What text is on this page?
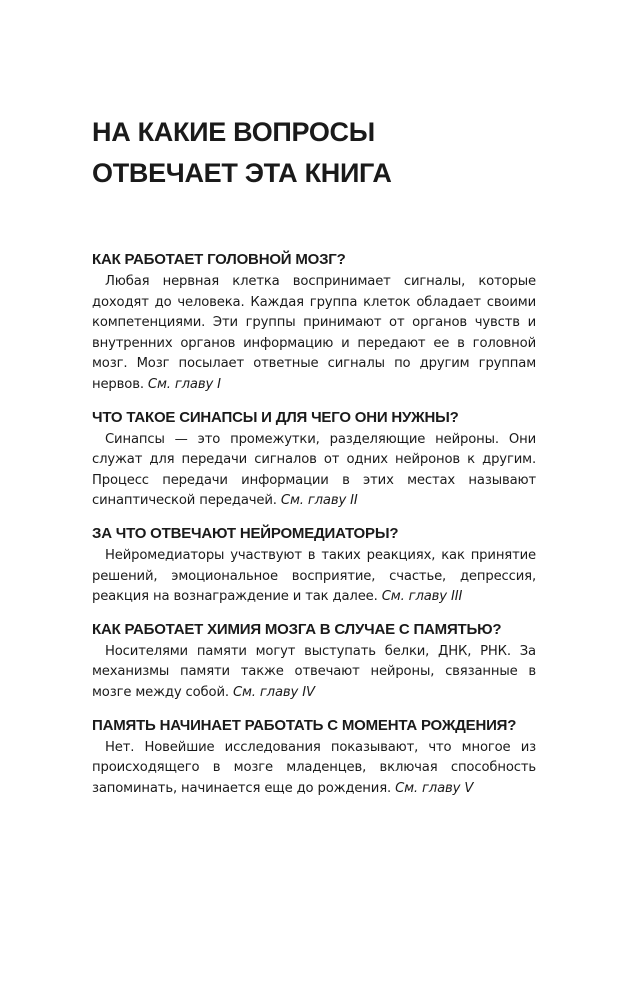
НА КАКИЕ ВОПРОСЫ
ОТВЕЧАЕТ ЭТА КНИГА
КАК РАБОТАЕТ ГОЛОВНОЙ МОЗГ?

Любая нервная клетка воспринимает сигналы, которые доходят до человека. Каждая группа клеток обладает своими компетенциями. Эти группы принимают от органов чувств и внутренних органов информацию и передают ее в головной мозг. Мозг посылает ответные сигналы по другим группам нервов. См. главу I

ЧТО ТАКОЕ СИНАПСЫ И ДЛЯ ЧЕГО ОНИ НУЖНЫ?

Синапсы — это промежутки, разделяющие нейроны. Они служат для передачи сигналов от одних нейронов к другим. Процесс передачи информации в этих местах называют синаптической передачей. См. главу II

ЗА ЧТО ОТВЕЧАЮТ НЕЙРОМЕДИАТОРЫ?

Нейромедиаторы участвуют в таких реакциях, как принятие решений, эмоциональное восприятие, счастье, депрессия, реакция на вознаграждение и так далее. См. главу III

КАК РАБОТАЕТ ХИМИЯ МОЗГА В СЛУЧАЕ С ПАМЯТЬЮ?

Носителями памяти могут выступать белки, ДНК, РНК. За механизмы памяти также отвечают нейроны, связанные в мозге между собой. См. главу IV

ПАМЯТЬ НАЧИНАЕТ РАБОТАТЬ С МОМЕНТА РОЖДЕНИЯ?

Нет. Новейшие исследования показывают, что многое из происходящего в мозге младенцев, включая способность запоминать, начинается еще до рождения. См. главу V
